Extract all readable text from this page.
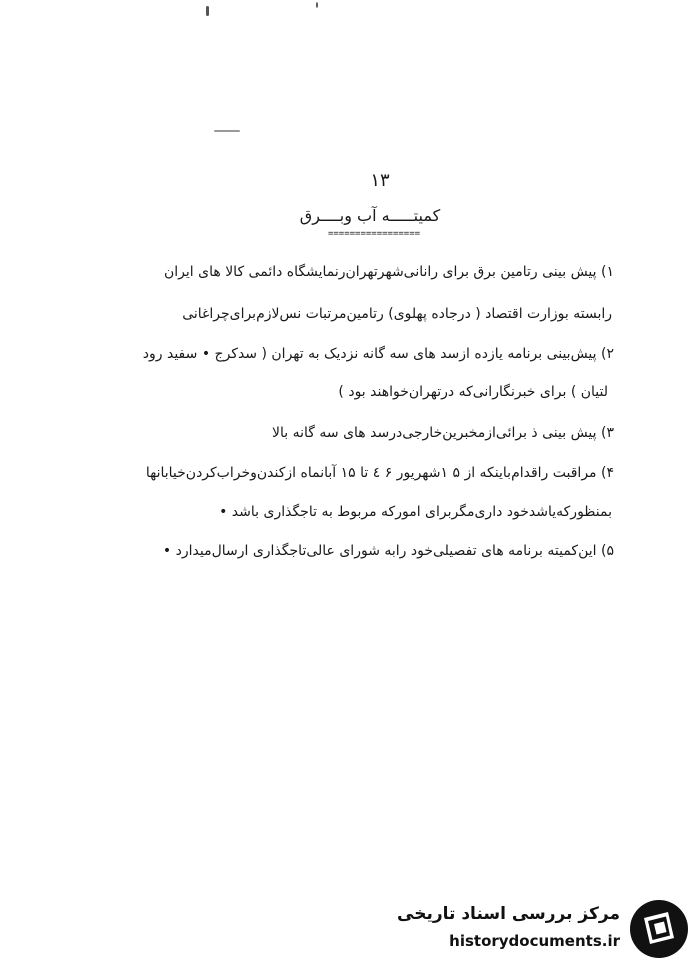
۱۳
کمیتـــــه آب وبــــرق
=================
۱) پیش بینی رتامین برق برای رانانی‌شهرتهران‌رنمایشگاه دائمی کالا های ایران
رابسته بوزارت اقتصاد ( درجاده پهلوی) رتامین‌مرتبات‌ نس‌لازم‌برای‌چراغانی
۲) پیش‌بینی برنامه یازده ازسد های سه گانه نزدیک به تهران ( سدکرج • سفید رود
لتیان ) برای ‌خبرنگارانی‌که درتهران‌خواهند بود )
۳) پیش بینی ذ برائی‌ازمخبرین‌خارجی‌درسد های سه گانه بالا
۴) مراقبت راقدام‌باینکه از ۵ ۱شهریور ۶ ٤ تا ۱۵ آبانماه ازکندن‌وخراب‌کردن‌خیابانها
بمنظورکه‌یاشد‌خود داری‌مگربرای امورکه مربوط به تاجگذاری باشد •
۵) این‌کمیته برنامه های تفصیلی‌خود رابه شورای عالی‌تاجگذاری ارسال‌میدارد •
مرکز بررسی اسناد تاریخی
historydocuments.ir
